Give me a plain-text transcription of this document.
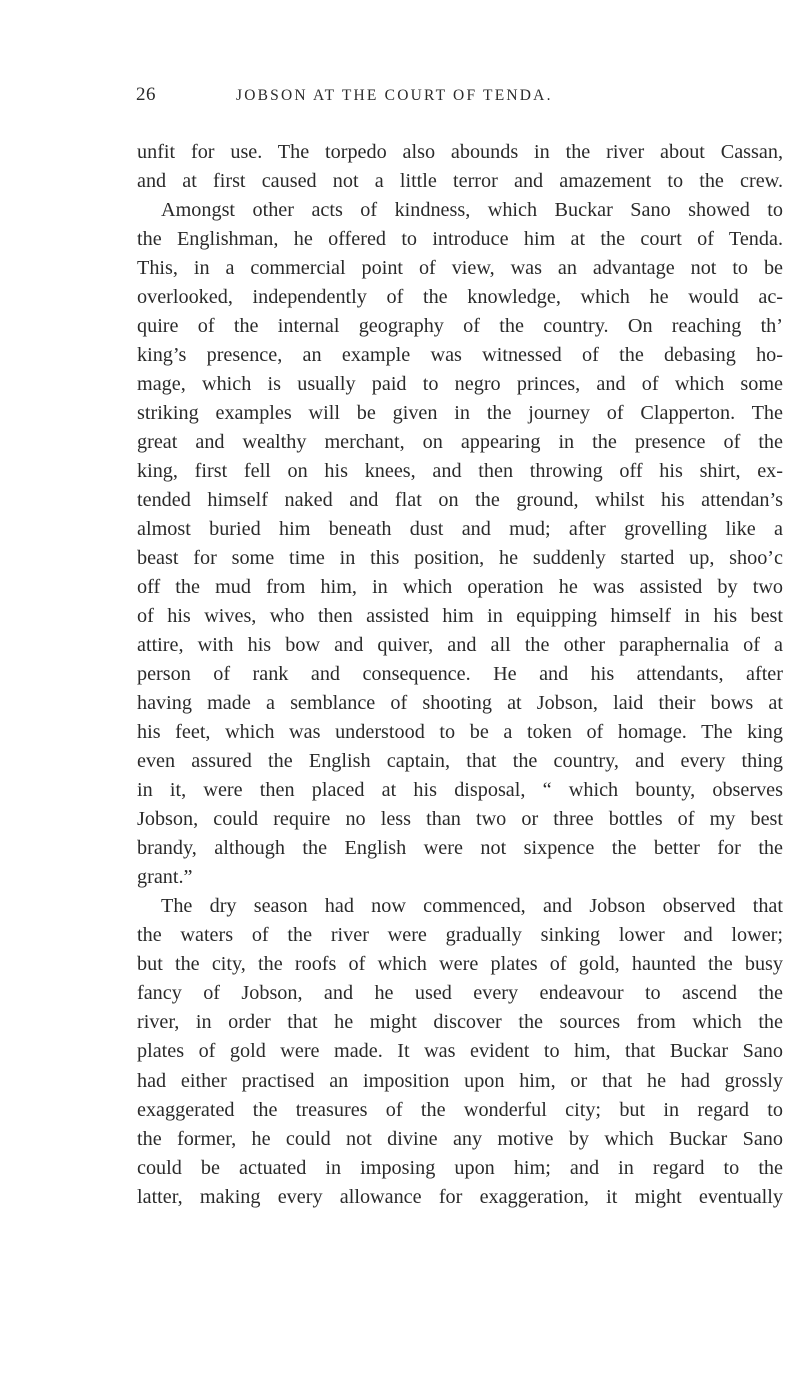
26	JOBSON AT THE COURT OF TENDA.
unfit for use. The torpedo also abounds in the river about Cassan,
and at first caused not a little terror and amazement to the crew.
Amongst other acts of kindness, which Buckar Sano showed to
the Englishman, he offered to introduce him at the court of Tenda.
This, in a commercial point of view, was an advantage not to be
overlooked, independently of the knowledge, which he would ac-
quire of the internal geography of the country. On reaching th’
king’s presence, an example was witnessed of the debasing ho-
mage, which is usually paid to negro princes, and of which some
striking examples will be given in the journey of Clapperton. The
great and wealthy merchant, on appearing in the presence of the
king, first fell on his knees, and then throwing off his shirt, ex-
tended himself naked and flat on the ground, whilst his attendan’s
almost buried him beneath dust and mud; after grovelling like a
beast for some time in this position, he suddenly started up, shoo’c
off the mud from him, in which operation he was assisted by two
of his wives, who then assisted him in equipping himself in his best
attire, with his bow and quiver, and all the other paraphernalia of a
person of rank and consequence. He and his attendants, after
having made a semblance of shooting at Jobson, laid their bows at
his feet, which was understood to be a token of homage. The king
even assured the English captain, that the country, and every thing
in it, were then placed at his disposal, “ which bounty, observes
Jobson, could require no less than two or three bottles of my best
brandy, although the English were not sixpence the better for the
grant.”
The dry season had now commenced, and Jobson observed that
the waters of the river were gradually sinking lower and lower;
but the city, the roofs of which were plates of gold, haunted the busy
fancy of Jobson, and he used every endeavour to ascend the
river, in order that he might discover the sources from which the
plates of gold were made. It was evident to him, that Buckar Sano
had either practised an imposition upon him, or that he had grossly
exaggerated the treasures of the wonderful city; but in regard to
the former, he could not divine any motive by which Buckar Sano
could be actuated in imposing upon him; and in regard to the
latter, making every allowance for exaggeration, it might eventually
